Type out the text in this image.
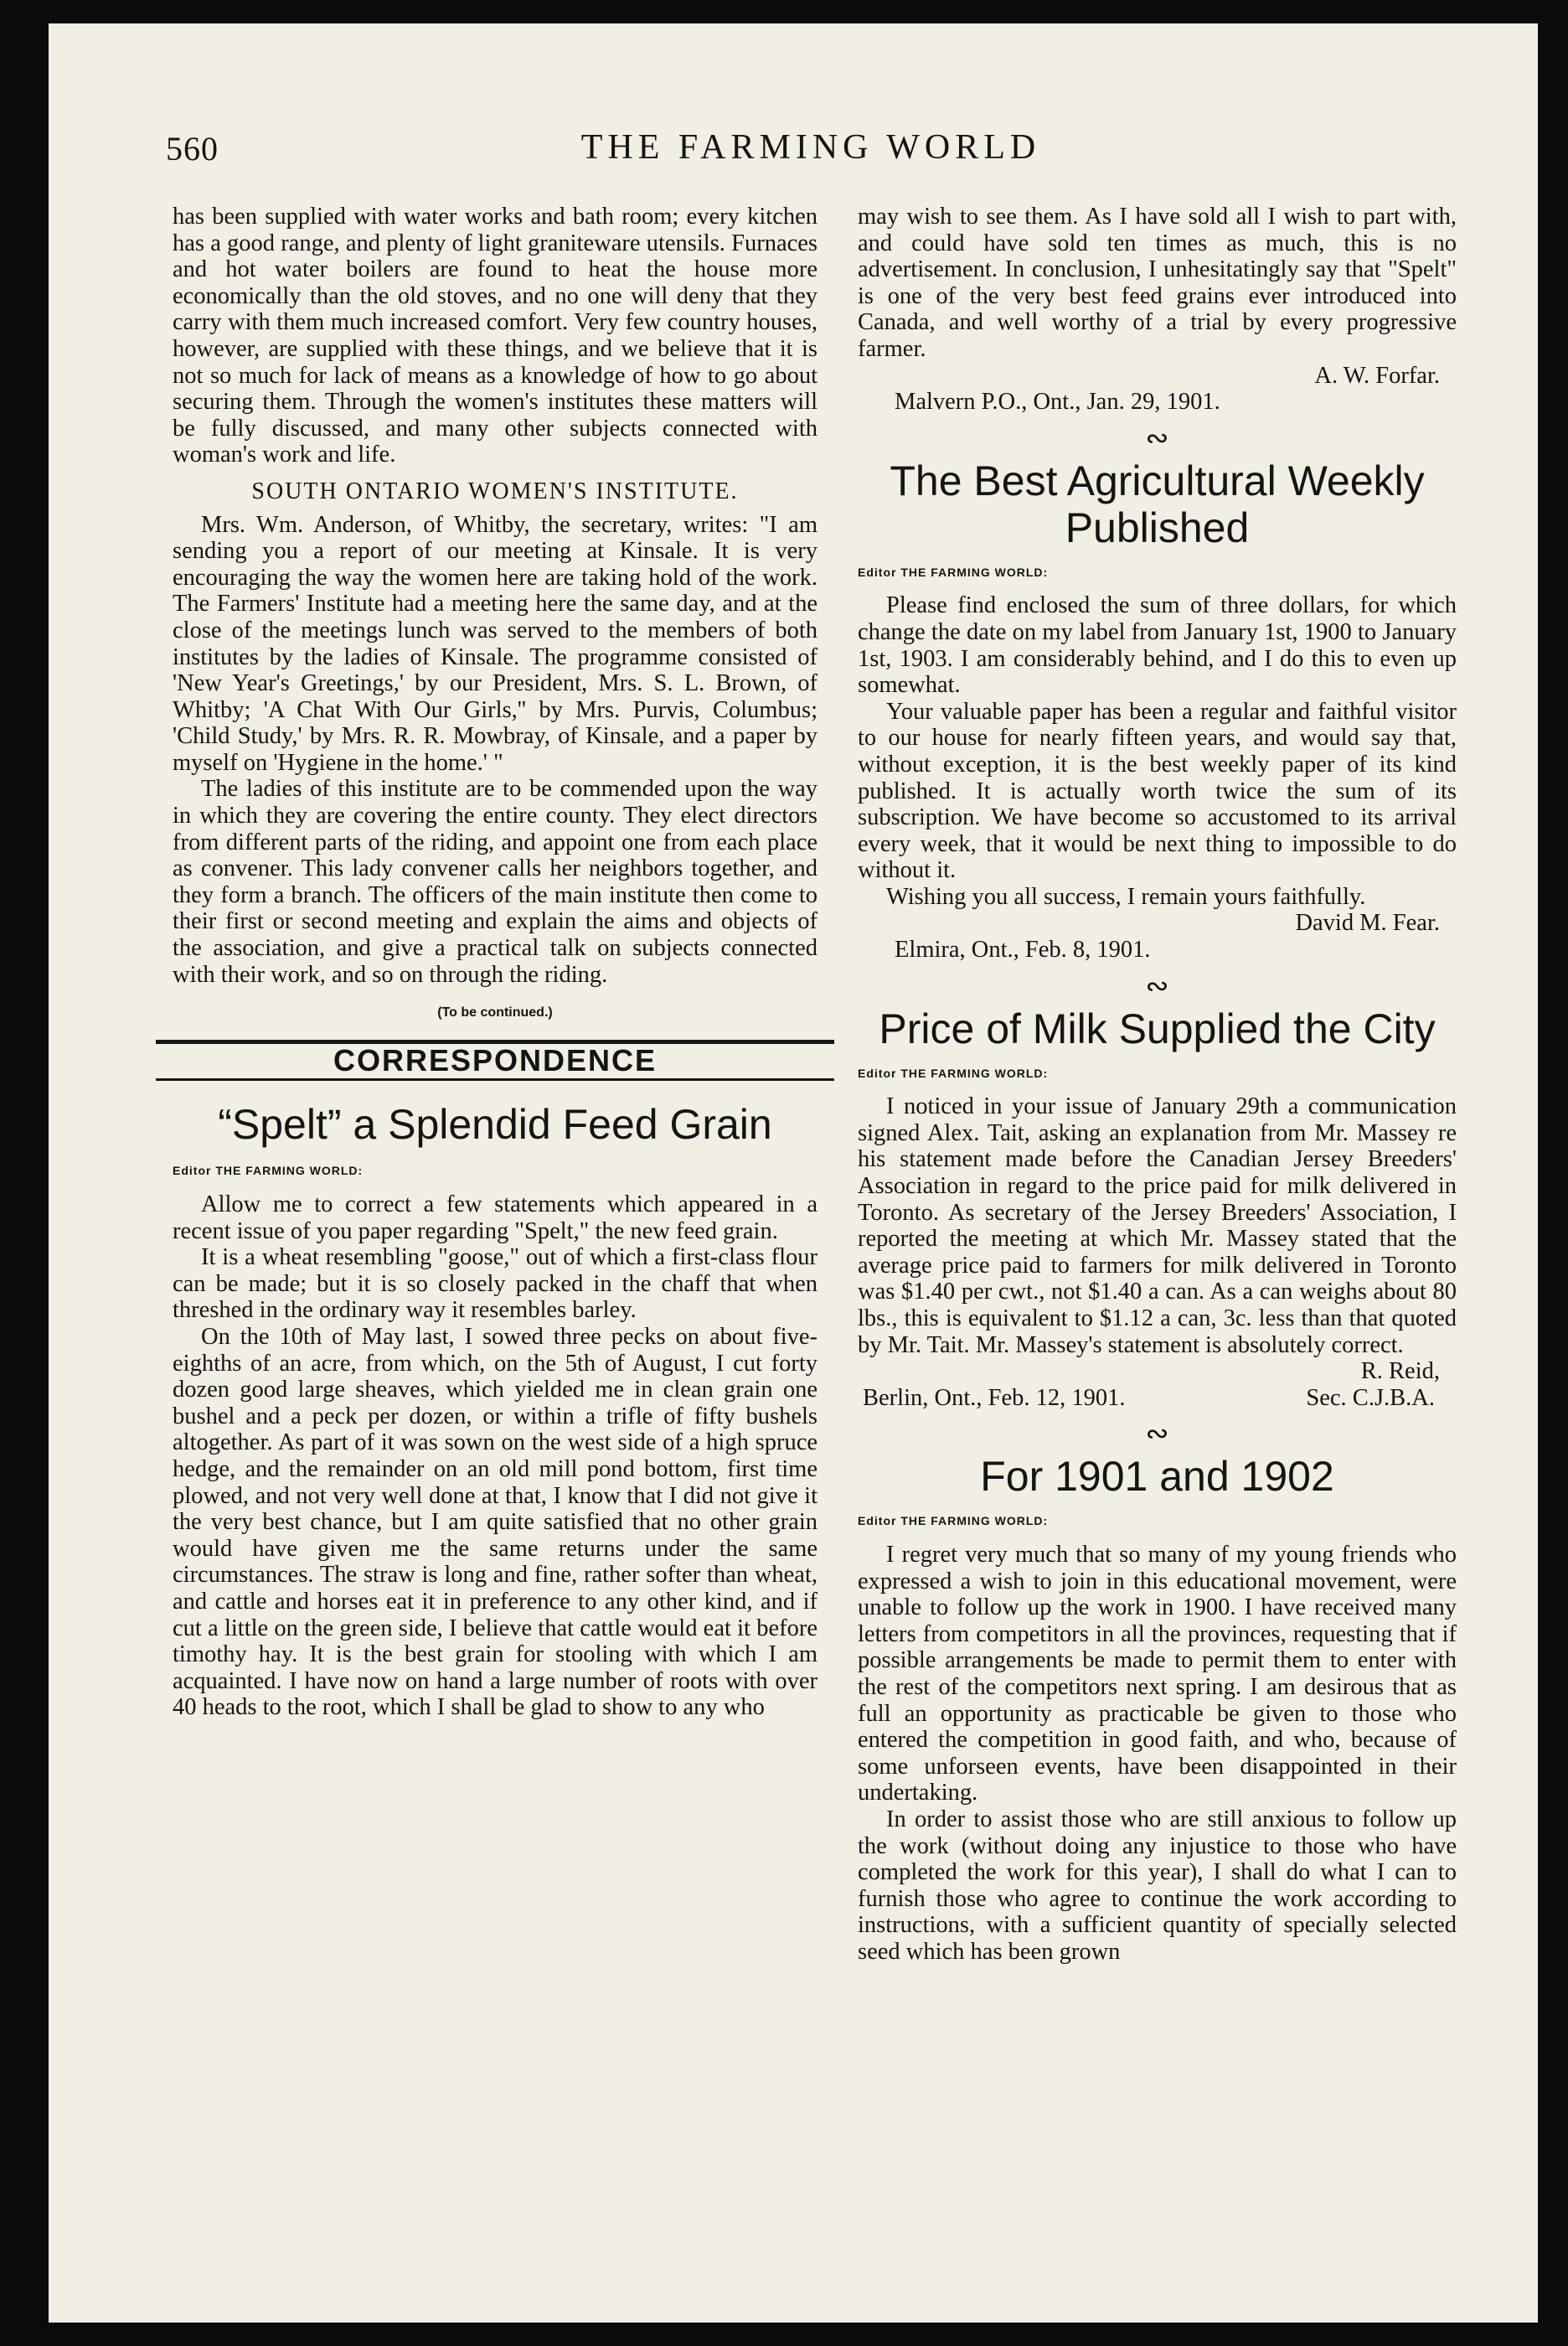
560	THE FARMING WORLD

has been supplied with water works and bath room; every kitchen has a good range, and plenty of light graniteware utensils. Furnaces and hot water boilers are found to heat the house more economically than the old stoves, and no one will deny that they carry with them much increased comfort. Very few country houses, however, are supplied with these things, and we believe that it is not so much for lack of means as a knowledge of how to go about securing them. Through the women's institutes these matters will be fully discussed, and many other subjects connected with woman's work and life.

SOUTH ONTARIO WOMEN'S INSTITUTE.

Mrs. Wm. Anderson, of Whitby, the secretary, writes: "I am sending you a report of our meeting at Kinsale. It is very encouraging the way the women here are taking hold of the work. The Farmers' Institute had a meeting here the same day, and at the close of the meetings lunch was served to the members of both institutes by the ladies of Kinsale. The programme consisted of 'New Year's Greetings,' by our President, Mrs. S. L. Brown, of Whitby; 'A Chat With Our Girls,'' by Mrs. Purvis, Columbus; 'Child Study,' by Mrs. R. R. Mowbray, of Kinsale, and a paper by myself on 'Hygiene in the home.' "

The ladies of this institute are to be commended upon the way in which they are covering the entire county. They elect directors from different parts of the riding, and appoint one from each place as convener. This lady convener calls her neighbors together, and they form a branch. The officers of the main institute then come to their first or second meeting and explain the aims and objects of the association, and give a practical talk on subjects connected with their work, and so on through the riding.

(To be continued.)
CORRESPONDENCE
“Spelt” a Splendid Feed Grain
Editor THE FARMING WORLD:

Allow me to correct a few statements which appeared in a recent issue of you paper regarding "Spelt," the new feed grain.

It is a wheat resembling "goose," out of which a first-class flour can be made; but it is so closely packed in the chaff that when threshed in the ordinary way it resembles barley.

On the 10th of May last, I sowed three pecks on about five-eighths of an acre, from which, on the 5th of August, I cut forty dozen good large sheaves, which yielded me in clean grain one bushel and a peck per dozen, or within a trifle of fifty bushels altogether. As part of it was sown on the west side of a high spruce hedge, and the remainder on an old mill pond bottom, first time plowed, and not very well done at that, I know that I did not give it the very best chance, but I am quite satisfied that no other grain would have given me the same returns under the same circumstances. The straw is long and fine, rather softer than wheat, and cattle and horses eat it in preference to any other kind, and if cut a little on the green side, I believe that cattle would eat it before timothy hay. It is the best grain for stooling with which I am acquainted. I have now on hand a large number of roots with over 40 heads to the root, which I shall be glad to show to any who

may wish to see them. As I have sold all I wish to part with, and could have sold ten times as much, this is no advertisement. In conclusion, I unhesitatingly say that "Spelt" is one of the very best feed grains ever introduced into Canada, and well worthy of a trial by every progressive farmer.

A. W. Forfar.

Malvern P.O., Ont., Jan. 29, 1901.

∾
The Best Agricultural Weekly Published
Editor THE FARMING WORLD:

Please find enclosed the sum of three dollars, for which change the date on my label from January 1st, 1900 to January 1st, 1903. I am considerably behind, and I do this to even up somewhat.

Your valuable paper has been a regular and faithful visitor to our house for nearly fifteen years, and would say that, without exception, it is the best weekly paper of its kind published. It is actually worth twice the sum of its subscription. We have become so accustomed to its arrival every week, that it would be next thing to impossible to do without it.

Wishing you all success, I remain yours faithfully.

David M. Fear.

Elmira, Ont., Feb. 8, 1901.

∾
Price of Milk Supplied the City
Editor THE FARMING WORLD:

I noticed in your issue of January 29th a communication signed Alex. Tait, asking an explanation from Mr. Massey re his statement made before the Canadian Jersey Breeders' Association in regard to the price paid for milk delivered in Toronto. As secretary of the Jersey Breeders' Association, I reported the meeting at which Mr. Massey stated that the average price paid to farmers for milk delivered in Toronto was $1.40 per cwt., not $1.40 a can. As a can weighs about 80 lbs., this is equivalent to $1.12 a can, 3c. less than that quoted by Mr. Tait. Mr. Massey's statement is absolutely correct.

R. Reid,

Berlin, Ont., Feb. 12, 1901.	Sec. C.J.B.A.
∾
For 1901 and 1902
Editor THE FARMING WORLD:

I regret very much that so many of my young friends who expressed a wish to join in this educational movement, were unable to follow up the work in 1900. I have received many letters from competitors in all the provinces, requesting that if possible arrangements be made to permit them to enter with the rest of the competitors next spring. I am desirous that as full an opportunity as practicable be given to those who entered the competition in good faith, and who, because of some unforseen events, have been disappointed in their undertaking.

In order to assist those who are still anxious to follow up the work (without doing any injustice to those who have completed the work for this year), I shall do what I can to furnish those who agree to continue the work according to instructions, with a sufficient quantity of specially selected seed which has been grown
